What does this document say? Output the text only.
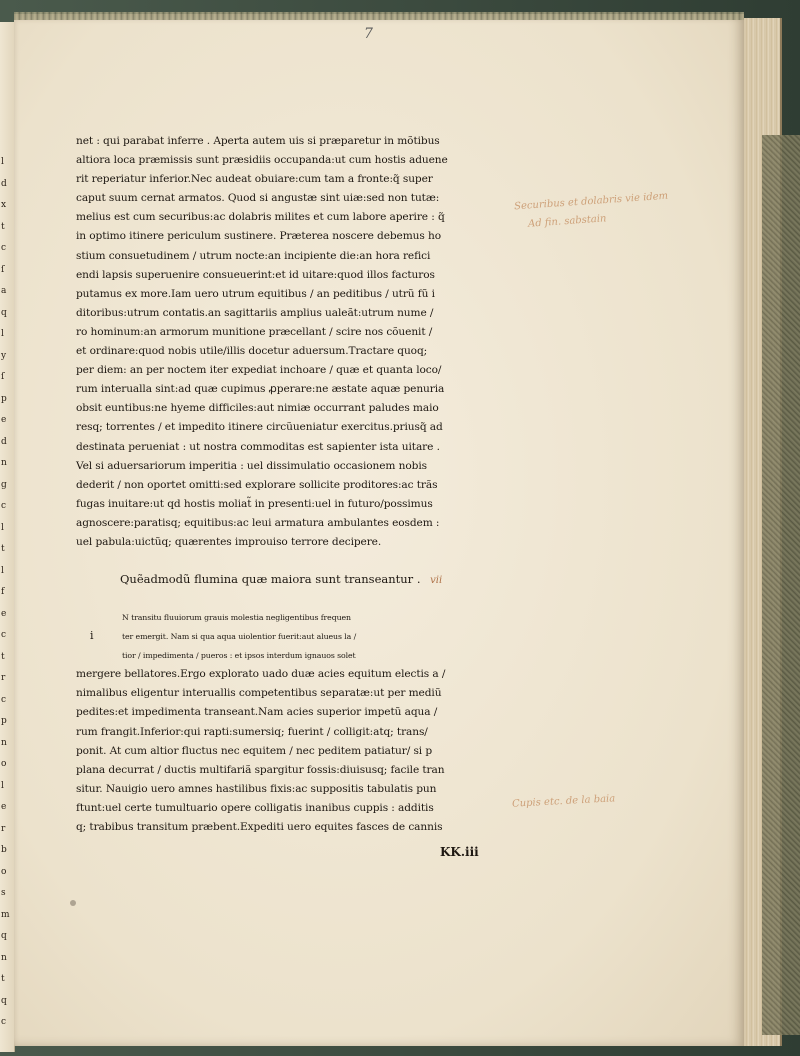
l
d
x
t
c
ſ
a
q
l
y
ſ
p
e
d
n
g
c
l
t
l
f
e
c
t
r
c
p
n
o
l
e
r
b
o
s
m
q
n
t
q
c
7
net : qui parabat inferre . Aperta autem uis si præparetur in mõtibus
altiora loca præmissis sunt præsidiis occupanda:ut cum hostis aduene
rit reperiatur inferior.Nec audeat obuiare:cum tam a fronte:q̃ super
caput suum cernat armatos. Quod si angustæ sint uiæ:sed non tutæ:
melius est cum securibus:ac dolabris milites et cum labore aperire : q̃
in optimo itinere periculum sustinere. Præterea noscere debemus ho
stium consuetudinem / utrum nocte:an incipiente die:an hora refici
endi lapsis superuenire consueuerint:et id uitare:quod illos facturos
putamus ex more.Iam uero utrum equitibus / an peditibus / utrũ fũ i
ditoribus:utrum contatis.an sagittariis amplius ualeãt:utrum nume /
ro hominum:an armorum munitione præcellant / scire nos cõuenit /
et ordinare:quod nobis utile/illis docetur aduersum.Tractare quoq;
per diem: an per noctem iter expediat inchoare / quæ et quanta loco/
rum interualla sint:ad quæ cupimus ꝓperare:ne æstate aquæ penuria
obsit euntibus:ne hyeme difficiles:aut nimiæ occurrant paludes maio
resq; torrentes / et impedito itinere circũueniatur exercitus.priusq̃ ad
destinata perueniat : ut nostra commoditas est sapienter ista uitare .
Vel si aduersariorum imperitia : uel dissimulatio occasionem nobis
dederit / non oportet omitti:sed explorare sollicite proditores:ac trãs
fugas inuitare:ut qd hostis moliat̃ in presenti:uel in futuro/possimus
agnoscere:paratisq; equitibus:ac leui armatura ambulantes eosdem :
uel pabula:uictũq; quærentes improuiso terrore decipere.
Quẽadmodũ flumina quæ maiora sunt transeantur . vii
i
N transitu fluuiorum grauis molestia negligentibus frequen
ter emergit. Nam si qua aqua uiolentior fuerit:aut alueus la /
tior / impedimenta / pueros : et ipsos interdum ignauos solet
mergere bellatores.Ergo explorato uado duæ acies equitum electis a /
nimalibus eligentur interuallis competentibus separatæ:ut per mediũ
pedites:et impedimenta transeant.Nam acies superior impetũ aqua /
rum frangit.Inferior:qui rapti:sumersiq; fuerint / colligit:atq; trans/
ponit. At cum altior fluctus nec equitem / nec peditem patiatur/ si p
plana decurrat / ductis multifariã spargitur fossis:diuisusq; facile tran
situr. Nauigio uero amnes hastilibus fixis:ac suppositis tabulatis pun
ftunt:uel certe tumultuario opere colligatis inanibus cuppis : additis
q; trabibus transitum præbent.Expediti uero equites fasces de cannis
KK.iii
Securibus et dolabris vie idem
Ad fin. sabstain
Cupis etc. de la baia
